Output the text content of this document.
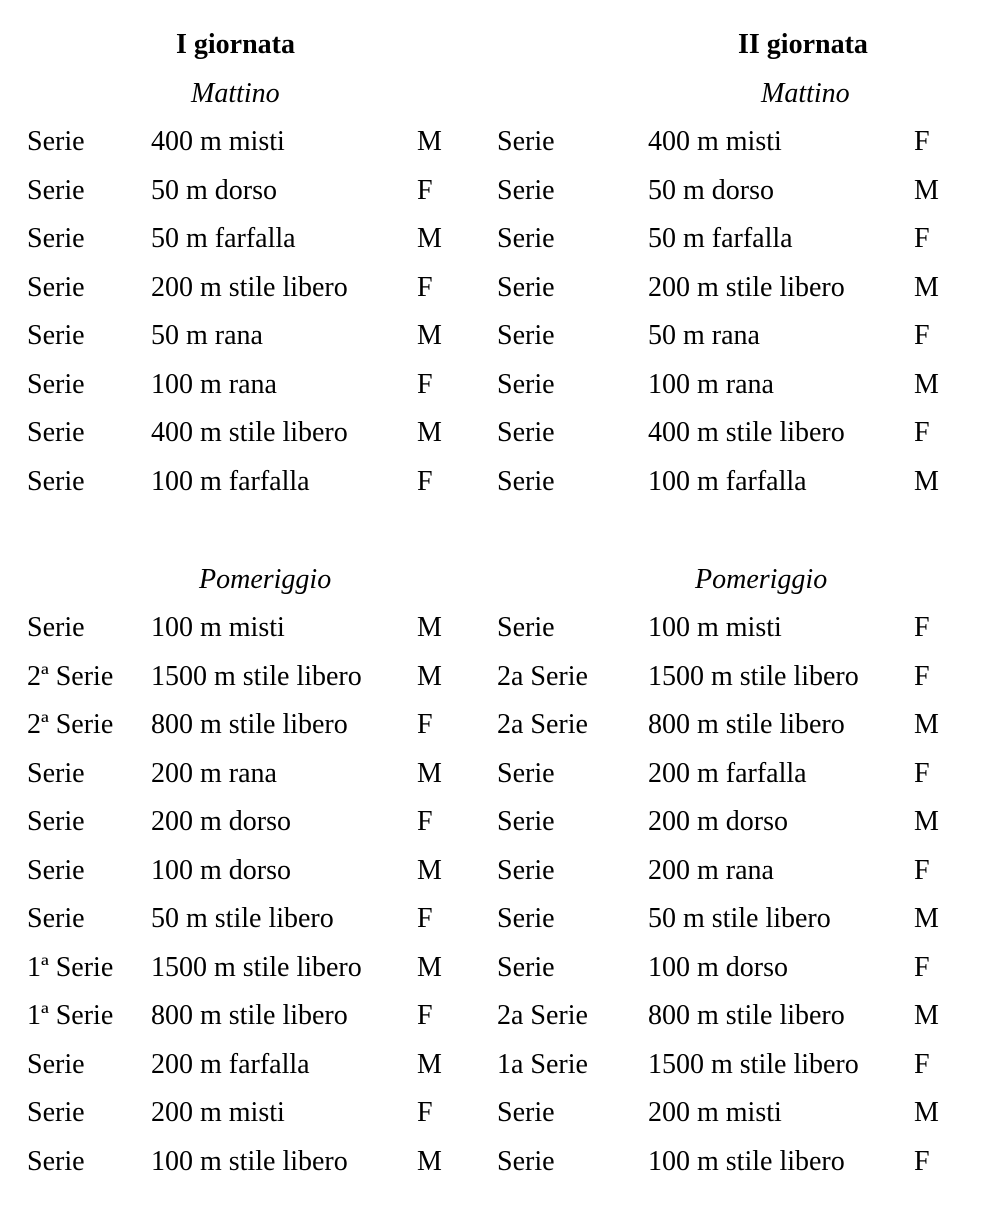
I giornata
Mattino
Serie 400 m misti	M
Serie 50 m dorso	F
Serie 50 m farfalla	M
Serie 200 m stile libero F
Serie 50 m rana	M
Serie 100 m rana	F
Serie 400 m stile libero M
Serie 100 m farfalla	F
Pomeriggio
Serie 100 m misti	M
2ª Serie 1500 m stile libero M
2ª Serie 800 m stile libero F
Serie 200 m rana	M
Serie 200 m dorso	F
Serie 100 m dorso	M
Serie 50 m stile libero	F
1ª Serie 1500 m stile libero M
1ª Serie 800 m stile libero F
Serie 200 m farfalla	M
Serie 200 m misti	F
Serie 100 m stile libero M
II giornata
Mattino
Serie	400 m misti	F
Serie	50 m dorso	M
Serie	50 m farfalla	F
Serie	200 m stile libero M
Serie	50 m rana	F
Serie	100 m rana	M
Serie	400 m stile libero F
Serie	100 m farfalla	M
Pomeriggio
Serie	100 m misti	F
2a Serie 1500 m stile libero F
2a Serie 800 m stile libero M
Serie	200 m farfalla	F
Serie	200 m dorso	M
Serie	200 m rana	F
Serie	50 m stile libero	M
Serie	100 m dorso	F
2a Serie 800 m stile libero M
1a Serie 1500 m stile libero F
Serie	200 m misti	M
Serie	100 m stile libero F
